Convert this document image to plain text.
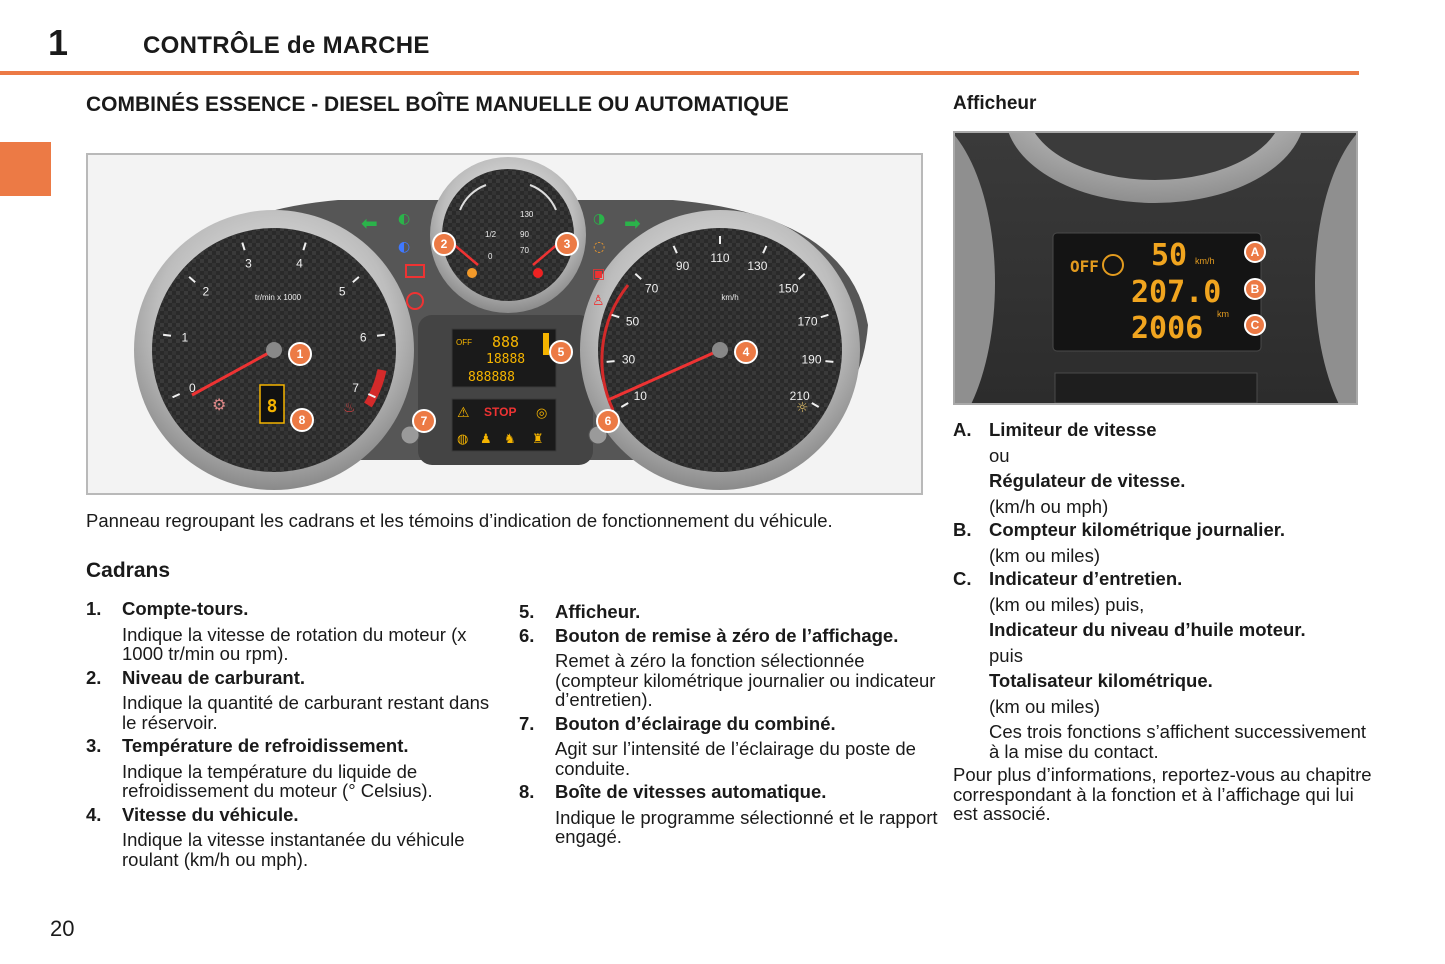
1	CONTRÔLE de MARCHE
COMBINÉS ESSENCE - DIESEL BOÎTE MANUELLE OU AUTOMATIQUE	Afficheur
0
1
2
3	4
5
6
7
tr/min x 1000
8
⚙	♨
10
30
50
70
90
110
130
150
170
190
210
km/h
☼
1/2
0
130
90
70
⬅ ◐
◐
◑ ➡
◌
▣
♙
888
18888
888888
OFF
⚠ STOP ◎
◍ ♟ ♞ ♜
1
2	3
4
5
6
7
8
OFF 50 km/h
207.0
2006 km
A
B
C
Panneau regroupant les cadrans et les témoins d’indication de fonctionnement du véhicule.
Cadrans
1. Compte-tours.
Indique la vitesse de rotation du moteur (x 1000 tr/min ou rpm).
2. Niveau de carburant.
Indique la quantité de carburant restant dans le réservoir.
3. Température de refroidissement.
Indique la température du liquide de refroidissement du moteur (° Celsius).
4. Vitesse du véhicule.
Indique la vitesse instantanée du véhicule roulant (km/h ou mph).
5. Afficheur.
6. Bouton de remise à zéro de l’affichage.
Remet à zéro la fonction sélectionnée (compteur kilométrique journalier ou indicateur d’entretien).
7. Bouton d’éclairage du combiné.
Agit sur l’intensité de l’éclairage du poste de conduite.
8. Boîte de vitesses automatique.
Indique le programme sélectionné et le rapport engagé.
A. Limiteur de vitesse
ou
Régulateur de vitesse.
(km/h ou mph)
B. Compteur kilométrique journalier.
(km ou miles)
C. Indicateur d’entretien.
(km ou miles) puis,
Indicateur du niveau d’huile moteur.
puis
Totalisateur kilométrique.
(km ou miles)
Ces trois fonctions s’affichent successivement à la mise du contact.
Pour plus d’informations, reportez-vous au chapitre correspondant à la fonction et à l’affichage qui lui est associé.
20
